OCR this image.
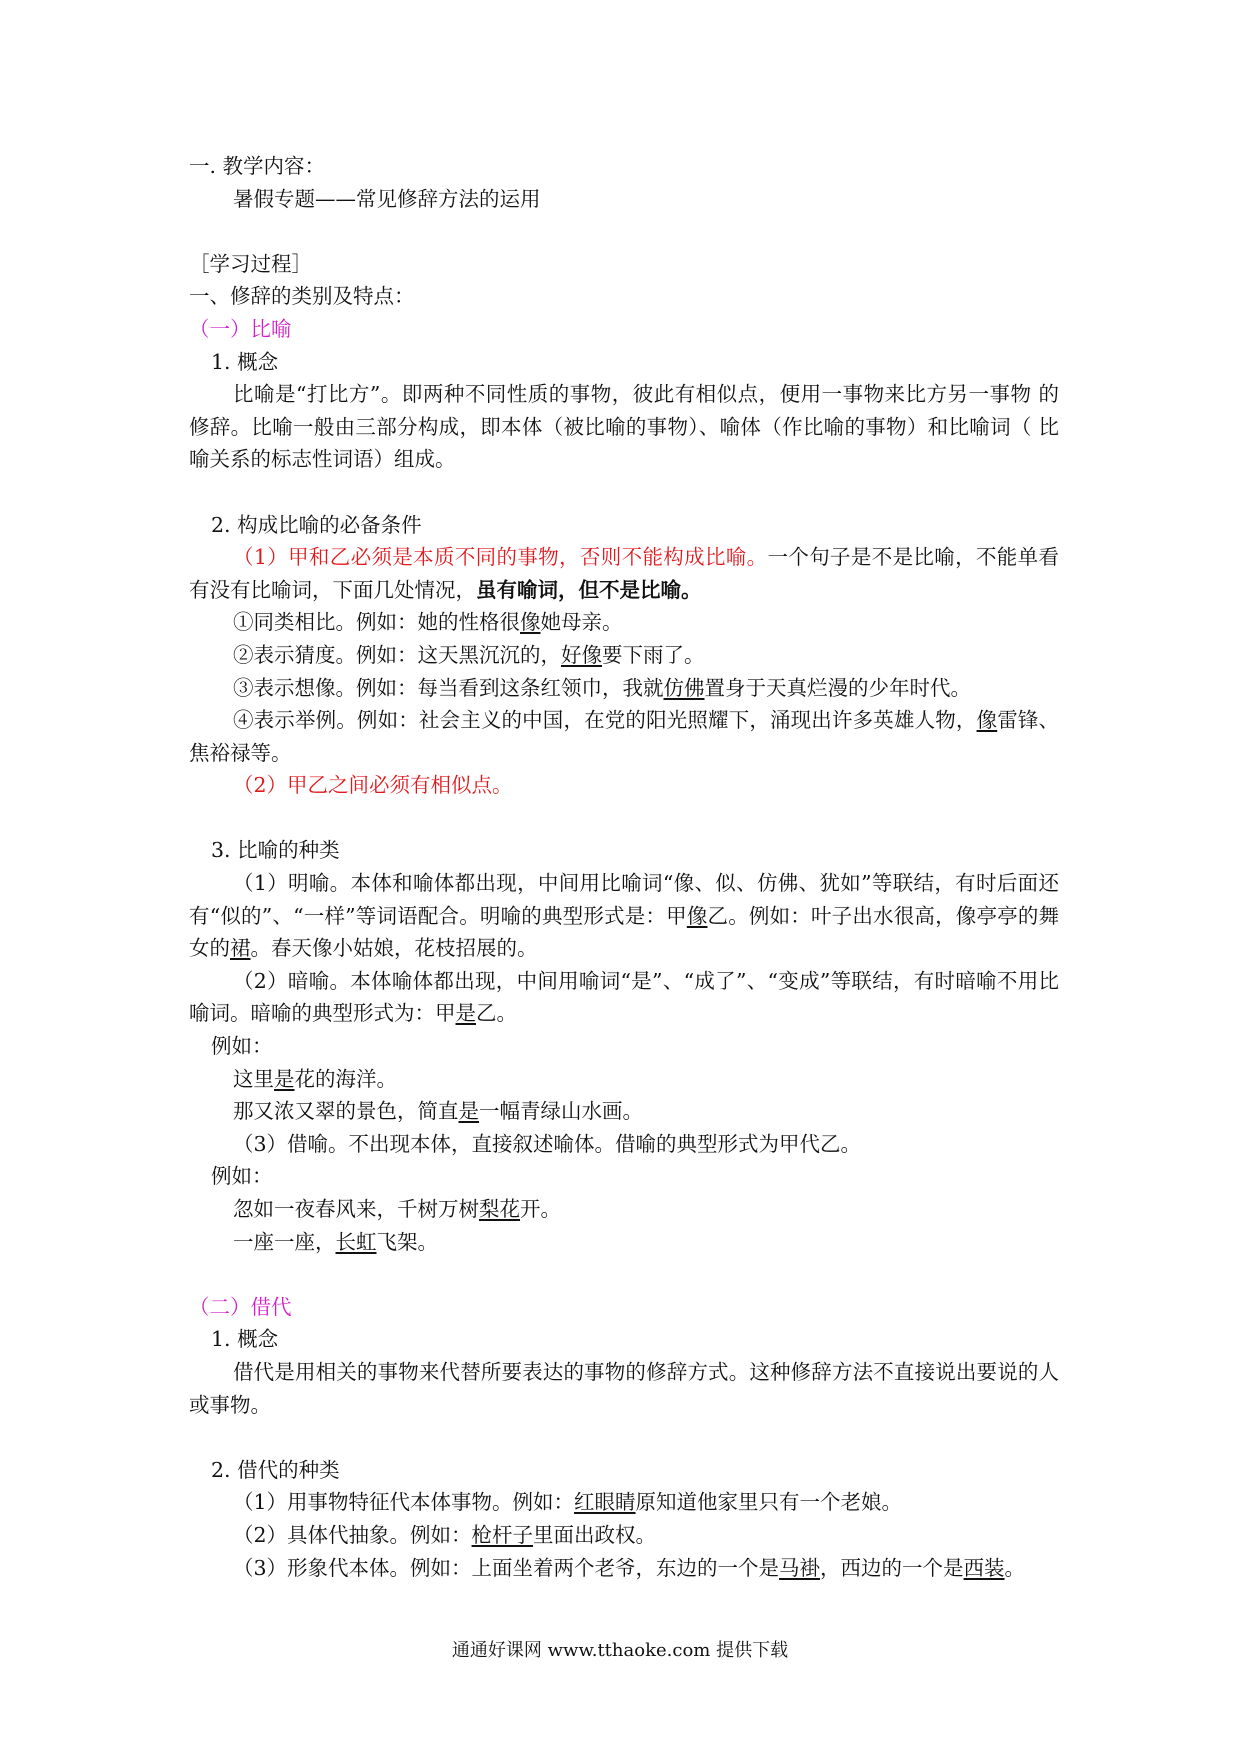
一. 教学内容：
暑假专题——常见修辞方法的运用
［学习过程］
一、修辞的类别及特点：
（一）比喻
1. 概念
比喻是“打比方”。即两种不同性质的事物，彼此有相似点，便用一事物来比方另一事物 的修辞。比喻一般由三部分构成，即本体（被比喻的事物）、喻体（作比喻的事物）和比喻词（ 比喻关系的标志性词语）组成。
2. 构成比喻的必备条件
（1）甲和乙必须是本质不同的事物，否则不能构成比喻。一个句子是不是比喻，不能单看有没有比喻词，下面几处情况，虽有喻词，但不是比喻。
①同类相比。例如：她的性格很像她母亲。
②表示猜度。例如：这天黑沉沉的，好像要下雨了。
③表示想像。例如：每当看到这条红领巾，我就仿佛置身于天真烂漫的少年时代。
④表示举例。例如：社会主义的中国，在党的阳光照耀下，涌现出许多英雄人物，像雷锋、焦裕禄等。
（2）甲乙之间必须有相似点。
3. 比喻的种类
（1）明喻。本体和喻体都出现，中间用比喻词“像、似、仿佛、犹如”等联结，有时后面还有“似的”、“一样”等词语配合。明喻的典型形式是：甲像乙。例如：叶子出水很高，像亭亭的舞女的裙。春天像小姑娘，花枝招展的。
（2）暗喻。本体喻体都出现，中间用喻词“是”、“成了”、“变成”等联结，有时暗喻不用比喻词。暗喻的典型形式为：甲是乙。
例如：
这里是花的海洋。
那又浓又翠的景色，简直是一幅青绿山水画。
（3）借喻。不出现本体，直接叙述喻体。借喻的典型形式为甲代乙。
例如：
忽如一夜春风来，千树万树梨花开。
一座一座，长虹飞架。
（二）借代
1. 概念
借代是用相关的事物来代替所要表达的事物的修辞方式。这种修辞方法不直接说出要说的人或事物。
2. 借代的种类
（1）用事物特征代本体事物。例如：红眼睛原知道他家里只有一个老娘。
（2）具体代抽象。例如：枪杆子里面出政权。
（3）形象代本体。例如：上面坐着两个老爷，东边的一个是马褂，西边的一个是西装。
通通好课网 www.tthaoke.com 提供下载
